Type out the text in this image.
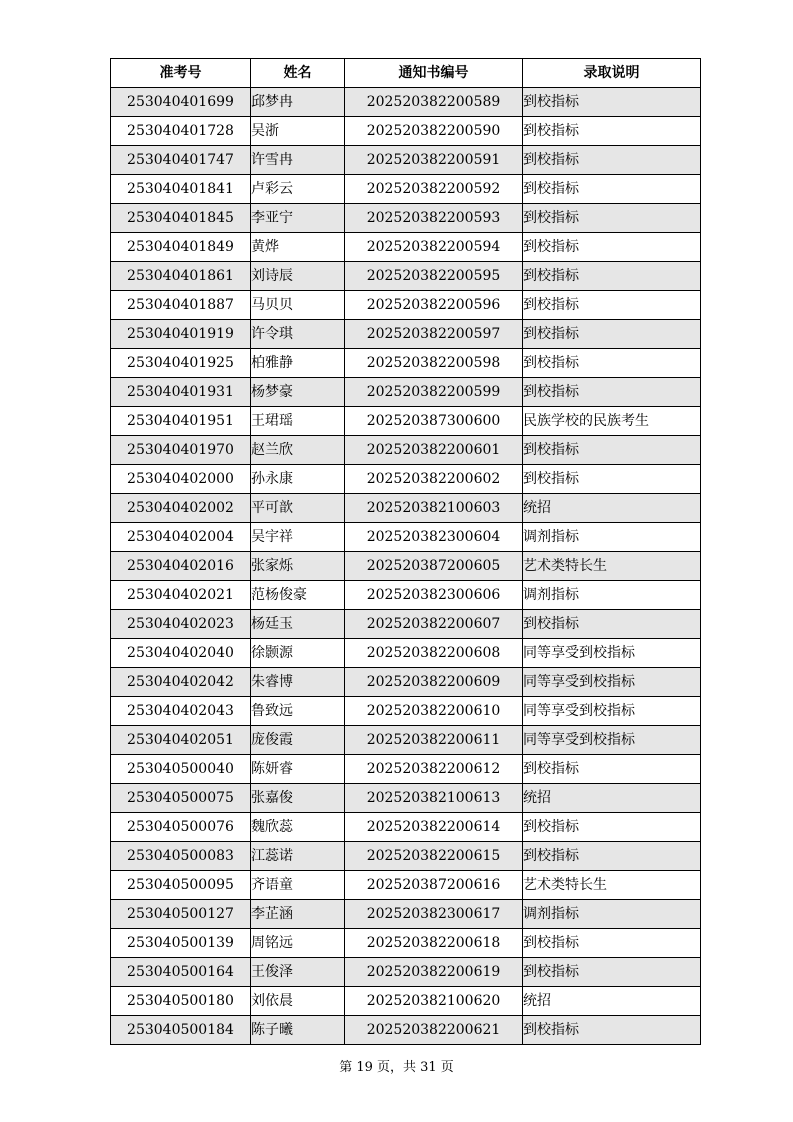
准考号	姓名	通知书编号	录取说明
253040401699	邱梦冉	202520382200589	到校指标
253040401728	吴浙	202520382200590	到校指标
253040401747	许雪冉	202520382200591	到校指标
253040401841	卢彩云	202520382200592	到校指标
253040401845	李亚宁	202520382200593	到校指标
253040401849	黄烨	202520382200594	到校指标
253040401861	刘诗辰	202520382200595	到校指标
253040401887	马贝贝	202520382200596	到校指标
253040401919	许令琪	202520382200597	到校指标
253040401925	柏雅静	202520382200598	到校指标
253040401931	杨梦豪	202520382200599	到校指标
253040401951	王珺瑶	202520387300600	民族学校的民族考生
253040401970	赵兰欣	202520382200601	到校指标
253040402000	孙永康	202520382200602	到校指标
253040402002	平可歆	202520382100603	统招
253040402004	吴宇祥	202520382300604	调剂指标
253040402016	张家烁	202520387200605	艺术类特长生
253040402021	范杨俊豪	202520382300606	调剂指标
253040402023	杨廷玉	202520382200607	到校指标
253040402040	徐颢源	202520382200608	同等享受到校指标
253040402042	朱睿博	202520382200609	同等享受到校指标
253040402043	鲁致远	202520382200610	同等享受到校指标
253040402051	庞俊霞	202520382200611	同等享受到校指标
253040500040	陈妍睿	202520382200612	到校指标
253040500075	张嘉俊	202520382100613	统招
253040500076	魏欣蕊	202520382200614	到校指标
253040500083	江蕊诺	202520382200615	到校指标
253040500095	齐语童	202520387200616	艺术类特长生
253040500127	李芷涵	202520382300617	调剂指标
253040500139	周铭远	202520382200618	到校指标
253040500164	王俊泽	202520382200619	到校指标
253040500180	刘依晨	202520382100620	统招
253040500184	陈子曦	202520382200621	到校指标
第 19 页，共 31 页
